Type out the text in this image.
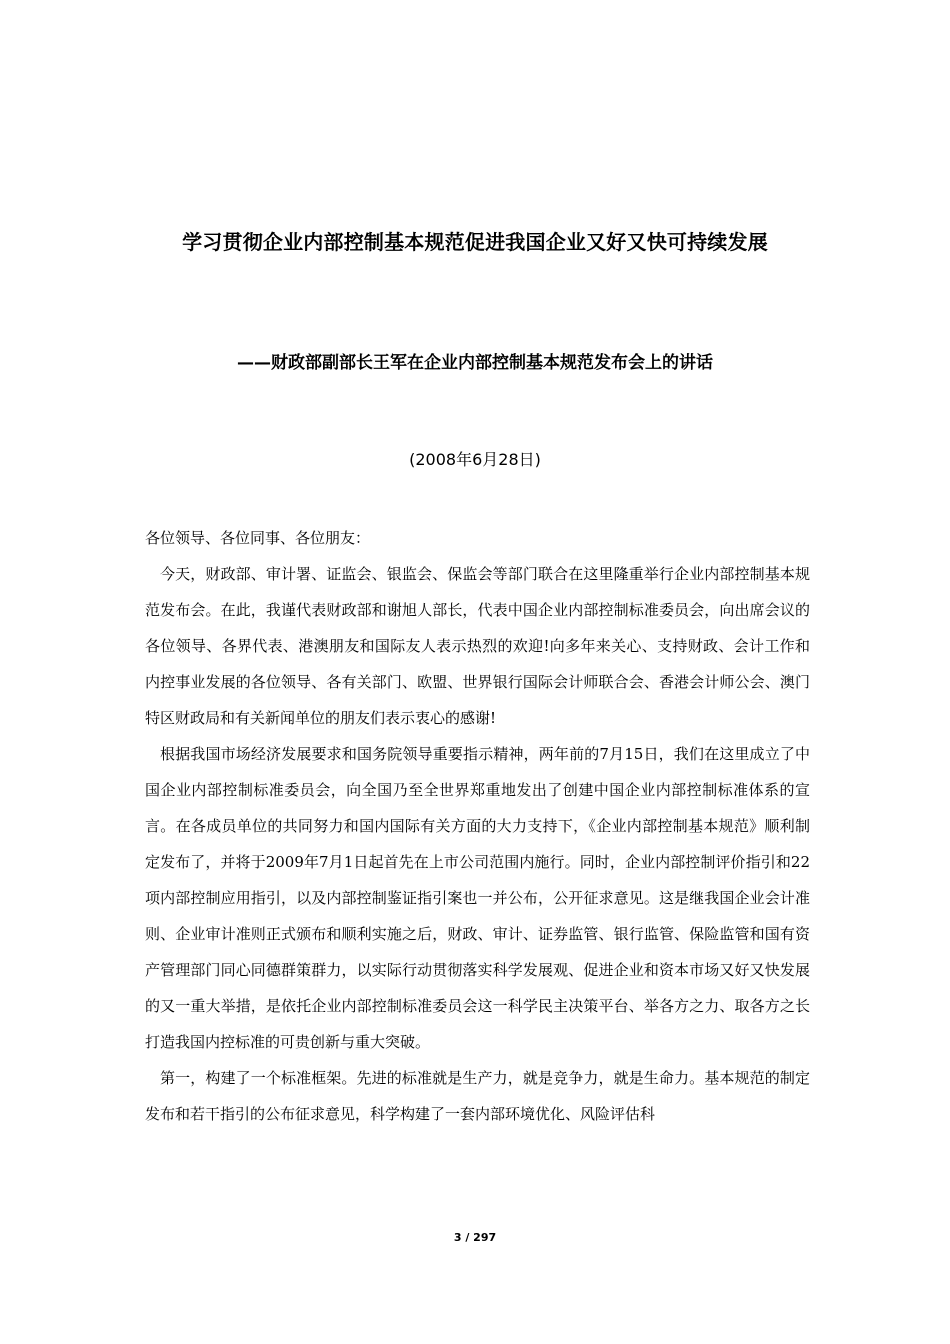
学习贯彻企业内部控制基本规范促进我国企业又好又快可持续发展
——财政部副部长王军在企业内部控制基本规范发布会上的讲话
(2008年6月28日)

各位领导、各位同事、各位朋友：

今天，财政部、审计署、证监会、银监会、保监会等部门联合在这里隆重举行企业内部控制基本规范发布会。在此，我谨代表财政部和谢旭人部长，代表中国企业内部控制标准委员会，向出席会议的各位领导、各界代表、港澳朋友和国际友人表示热烈的欢迎!向多年来关心、支持财政、会计工作和内控事业发展的各位领导、各有关部门、欧盟、世界银行国际会计师联合会、香港会计师公会、澳门特区财政局和有关新闻单位的朋友们表示衷心的感谢!

根据我国市场经济发展要求和国务院领导重要指示精神，两年前的7月15日，我们在这里成立了中国企业内部控制标准委员会，向全国乃至全世界郑重地发出了创建中国企业内部控制标准体系的宣言。在各成员单位的共同努力和国内国际有关方面的大力支持下，《企业内部控制基本规范》顺利制定发布了，并将于2009年7月1日起首先在上市公司范围内施行。同时，企业内部控制评价指引和22项内部控制应用指引，以及内部控制鉴证指引案也一并公布，公开征求意见。这是继我国企业会计准则、企业审计准则正式颁布和顺利实施之后，财政、审计、证券监管、银行监管、保险监管和国有资产管理部门同心同德群策群力，以实际行动贯彻落实科学发展观、促进企业和资本市场又好又快发展的又一重大举措，是依托企业内部控制标准委员会这一科学民主决策平台、举各方之力、取各方之长打造我国内控标准的可贵创新与重大突破。

第一，构建了一个标准框架。先进的标准就是生产力，就是竞争力，就是生命力。基本规范的制定发布和若干指引的公布征求意见，科学构建了一套内部环境优化、风险评估科

3 / 297
